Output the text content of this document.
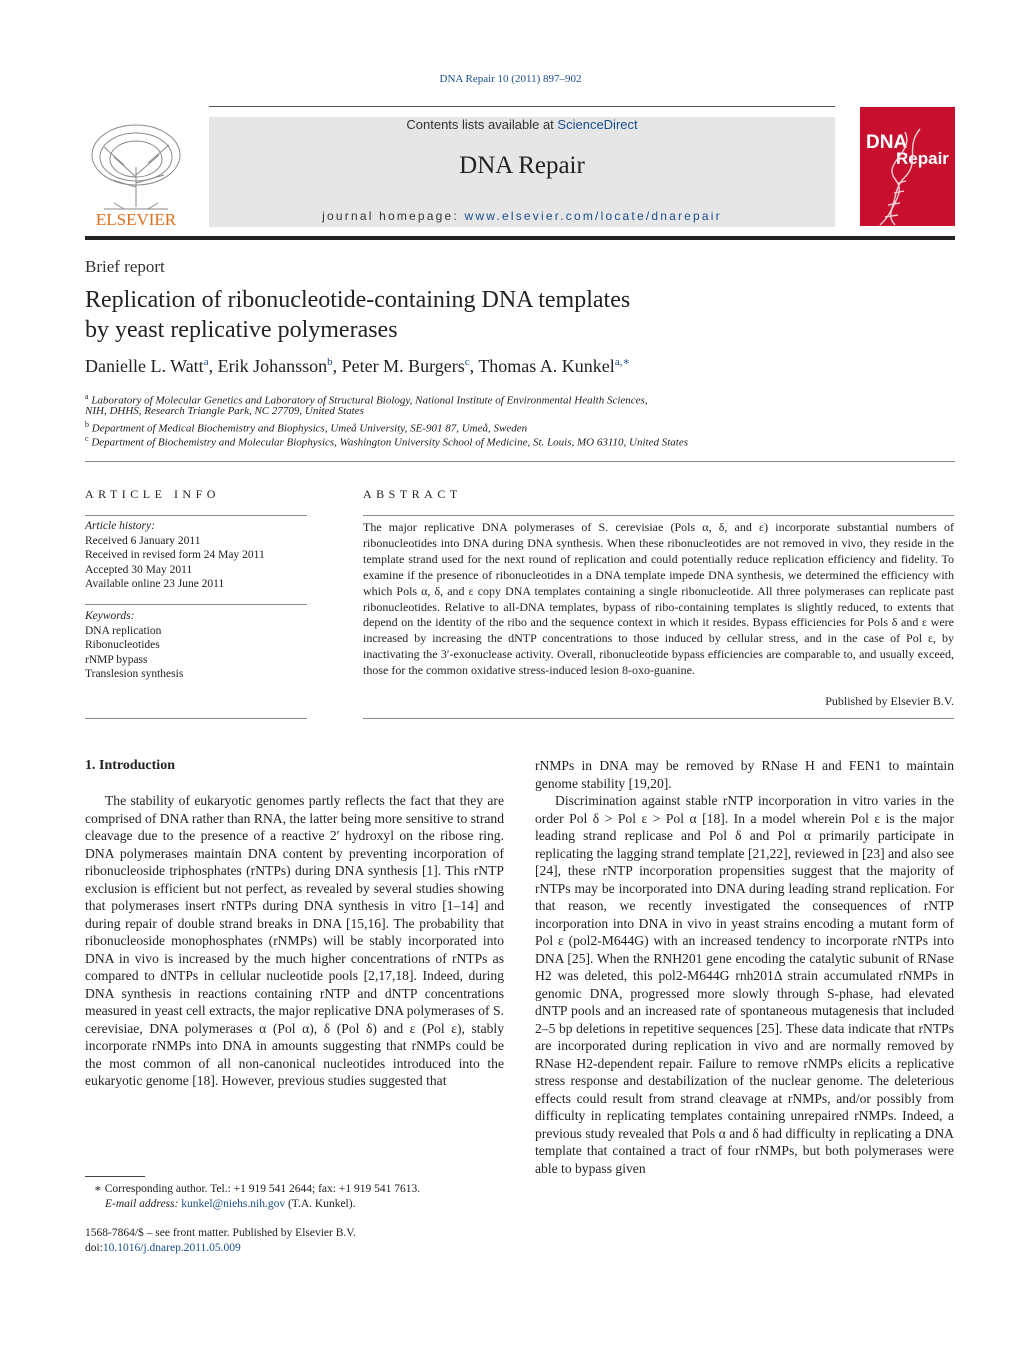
DNA Repair 10 (2011) 897–902
ELSEVIER
Contents lists available at ScienceDirect
DNA Repair
journal homepage: www.elsevier.com/locate/dnarepair
DNA
Repair
Brief report
Replication of ribonucleotide-containing DNA templates
by yeast replicative polymerases
Danielle L. Watt$^a$, Erik Johansson$^b$, Peter M. Burgers$^c$, Thomas A. Kunkel$^{a,∗}$
$^a$ Laboratory of Molecular Genetics and Laboratory of Structural Biology, National Institute of Environmental Health Sciences,
NIH, DHHS, Research Triangle Park, NC 27709, United States
$^b$ Department of Medical Biochemistry and Biophysics, Umeå University, SE-901 87, Umeå, Sweden
$^c$ Department of Biochemistry and Molecular Biophysics, Washington University School of Medicine, St. Louis, MO 63110, United States
ARTICLE INFO
Article history:
Received 6 January 2011
Received in revised form 24 May 2011
Accepted 30 May 2011
Available online 23 June 2011
Keywords:
DNA replication
Ribonucleotides
rNMP bypass
Translesion synthesis
ABSTRACT
The major replicative DNA polymerases of S. cerevisiae (Pols α, δ, and ε) incorporate substantial numbers of ribonucleotides into DNA during DNA synthesis. When these ribonucleotides are not removed in vivo, they reside in the template strand used for the next round of replication and could potentially reduce replication efficiency and fidelity. To examine if the presence of ribonucleotides in a DNA template impede DNA synthesis, we determined the efficiency with which Pols α, δ, and ε copy DNA templates containing a single ribonucleotide. All three polymerases can replicate past ribonucleotides. Relative to all-DNA templates, bypass of ribo-containing templates is slightly reduced, to extents that depend on the identity of the ribo and the sequence context in which it resides. Bypass efficiencies for Pols δ and ε were increased by increasing the dNTP concentrations to those induced by cellular stress, and in the case of Pol ε, by inactivating the 3′-exonuclease activity. Overall, ribonucleotide bypass efficiencies are comparable to, and usually exceed, those for the common oxidative stress-induced lesion 8-oxo-guanine.
Published by Elsevier B.V.
1. Introduction

The stability of eukaryotic genomes partly reflects the fact that they are comprised of DNA rather than RNA, the latter being more sensitive to strand cleavage due to the presence of a reactive 2′ hydroxyl on the ribose ring. DNA polymerases maintain DNA content by preventing incorporation of ribonucleoside triphosphates (rNTPs) during DNA synthesis [1]. This rNTP exclusion is efficient but not perfect, as revealed by several studies showing that polymerases insert rNTPs during DNA synthesis in vitro [1–14] and during repair of double strand breaks in DNA [15,16]. The probability that ribonucleoside monophosphates (rNMPs) will be stably incorporated into DNA in vivo is increased by the much higher concentrations of rNTPs as compared to dNTPs in cellular nucleotide pools [2,17,18]. Indeed, during DNA synthesis in reactions containing rNTP and dNTP concentrations measured in yeast cell extracts, the major replicative DNA polymerases of S. cerevisiae, DNA polymerases α (Pol α), δ (Pol δ) and ε (Pol ε), stably incorporate rNMPs into DNA in amounts suggesting that rNMPs could be the most common of all non-canonical nucleotides introduced into the eukaryotic genome [18]. However, previous studies suggested that

rNMPs in DNA may be removed by RNase H and FEN1 to maintain genome stability [19,20].

Discrimination against stable rNTP incorporation in vitro varies in the order Pol δ > Pol ε > Pol α [18]. In a model wherein Pol ε is the major leading strand replicase and Pol δ and Pol α primarily participate in replicating the lagging strand template [21,22], reviewed in [23] and also see [24], these rNTP incorporation propensities suggest that the majority of rNTPs may be incorporated into DNA during leading strand replication. For that reason, we recently investigated the consequences of rNTP incorporation into DNA in vivo in yeast strains encoding a mutant form of Pol ε (pol2-M644G) with an increased tendency to incorporate rNTPs into DNA [25]. When the RNH201 gene encoding the catalytic subunit of RNase H2 was deleted, this pol2-M644G rnh201Δ strain accumulated rNMPs in genomic DNA, progressed more slowly through S-phase, had elevated dNTP pools and an increased rate of spontaneous mutagenesis that included 2–5 bp deletions in repetitive sequences [25]. These data indicate that rNTPs are incorporated during replication in vivo and are normally removed by RNase H2-dependent repair. Failure to remove rNMPs elicits a replicative stress response and destabilization of the nuclear genome. The deleterious effects could result from strand cleavage at rNMPs, and/or possibly from difficulty in replicating templates containing unrepaired rNMPs. Indeed, a previous study revealed that Pols α and δ had difficulty in replicating a DNA template that contained a tract of four rNMPs, but both polymerases were able to bypass given

∗ Corresponding author. Tel.: +1 919 541 2644; fax: +1 919 541 7613.
E-mail address: kunkel@niehs.nih.gov (T.A. Kunkel).
1568-7864/$ – see front matter. Published by Elsevier B.V.
doi:10.1016/j.dnarep.2011.05.009
